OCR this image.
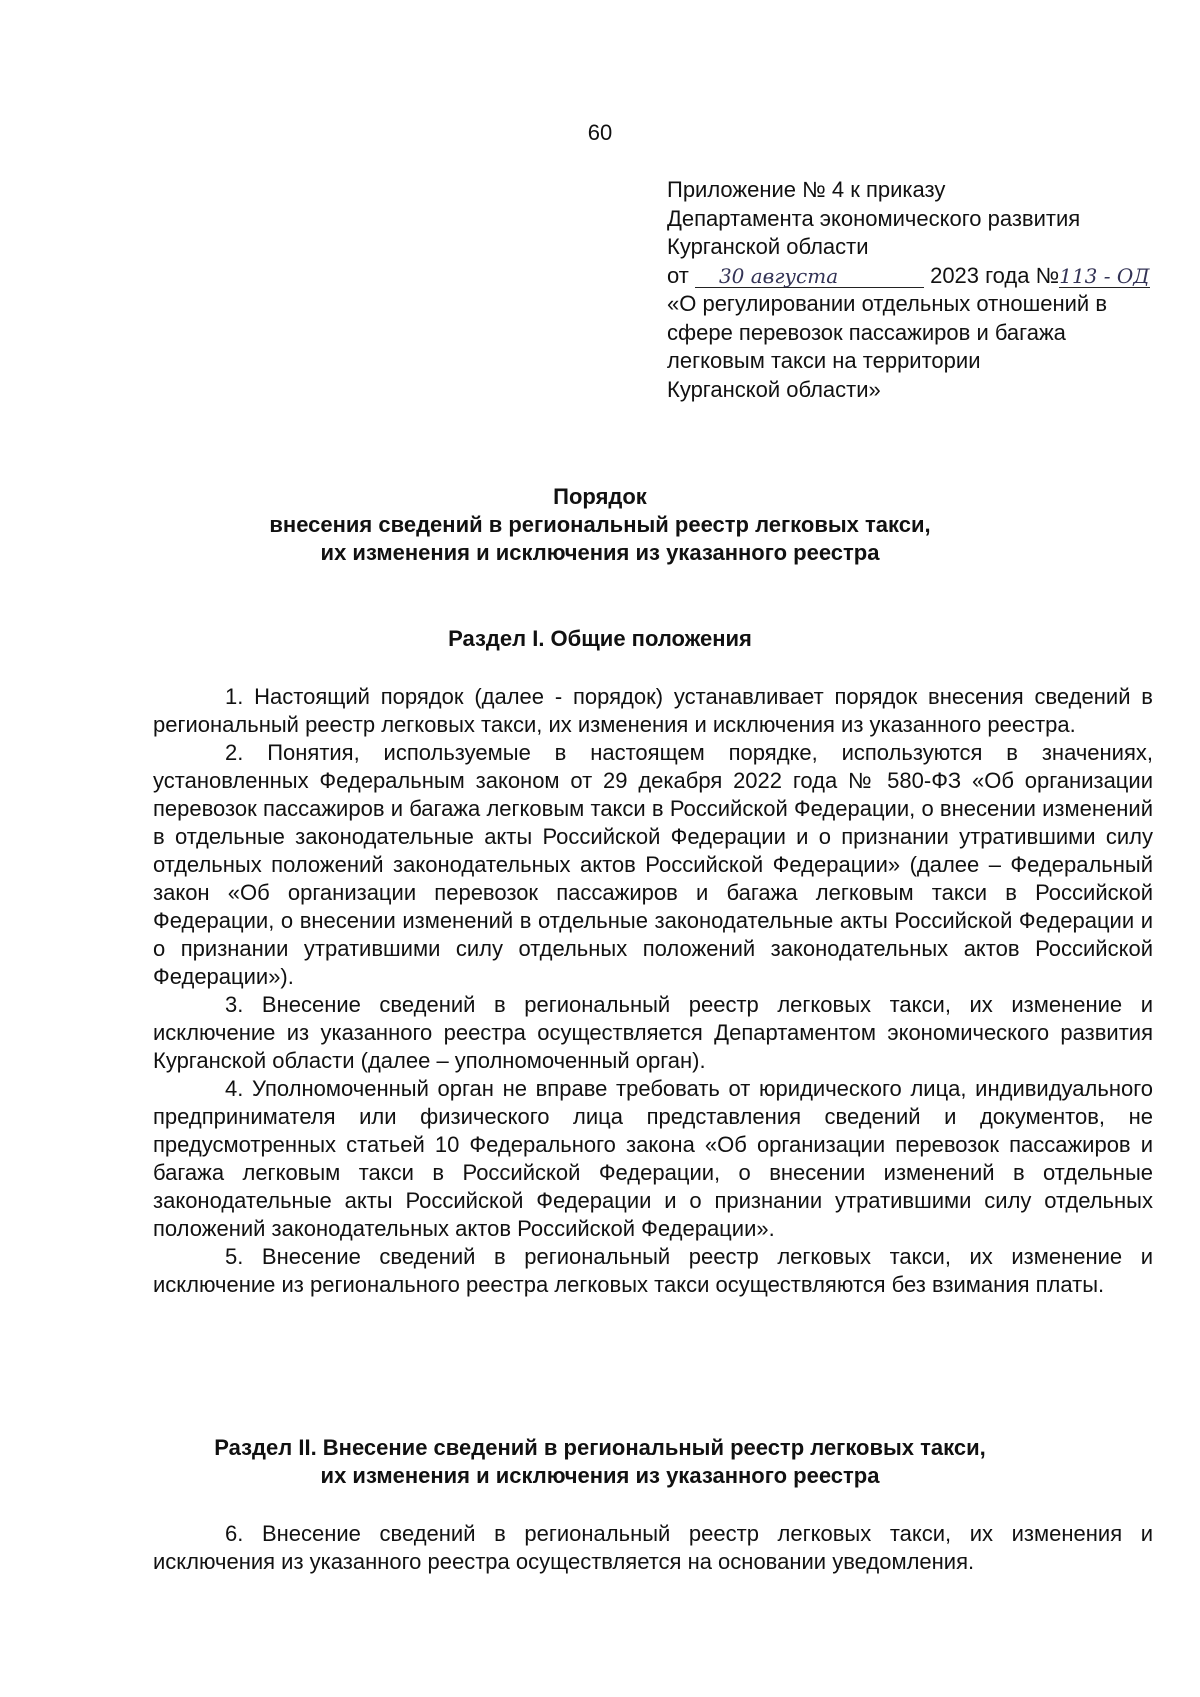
60
Приложение № 4 к приказу
Департамента экономического развития
Курганской области
от 30 августа	2023 года №113 - ОД
«О регулировании отдельных отношений в
сфере перевозок пассажиров и багажа
легковым такси на территории
Курганской области»
Порядок
внесения сведений в региональный реестр легковых такси,
их изменения и исключения из указанного реестра
Раздел I. Общие положения

1. Настоящий порядок (далее - порядок) устанавливает порядок внесения сведений в региональный реестр легковых такси, их изменения и исключения из указанного реестра.

2. Понятия, используемые в настоящем порядке, используются в значениях, установленных Федеральным законом от 29 декабря 2022 года № 580-ФЗ «Об организации перевозок пассажиров и багажа легковым такси в Российской Федерации, о внесении изменений в отдельные законодательные акты Российской Федерации и о признании утратившими силу отдельных положений законодательных актов Российской Федерации» (далее – Федеральный закон «Об организации перевозок пассажиров и багажа легковым такси в Российской Федерации, о внесении изменений в отдельные законодательные акты Российской Федерации и о признании утратившими силу отдельных положений законодательных актов Российской Федерации»).

3. Внесение сведений в региональный реестр легковых такси, их изменение и исключение из указанного реестра осуществляется Департаментом экономического развития Курганской области (далее – уполномоченный орган).

4. Уполномоченный орган не вправе требовать от юридического лица, индивидуального предпринимателя или физического лица представления сведений и документов, не предусмотренных статьей 10 Федерального закона «Об организации перевозок пассажиров и багажа легковым такси в Российской Федерации, о внесении изменений в отдельные законодательные акты Российской Федерации и о признании утратившими силу отдельных положений законодательных актов Российской Федерации».

5. Внесение сведений в региональный реестр легковых такси, их изменение и исключение из регионального реестра легковых такси осуществляются без взимания платы.

Раздел II. Внесение сведений в региональный реестр легковых такси,
их изменения и исключения из указанного реестра

6. Внесение сведений в региональный реестр легковых такси, их изменения и исключения из указанного реестра осуществляется на основании уведомления.
